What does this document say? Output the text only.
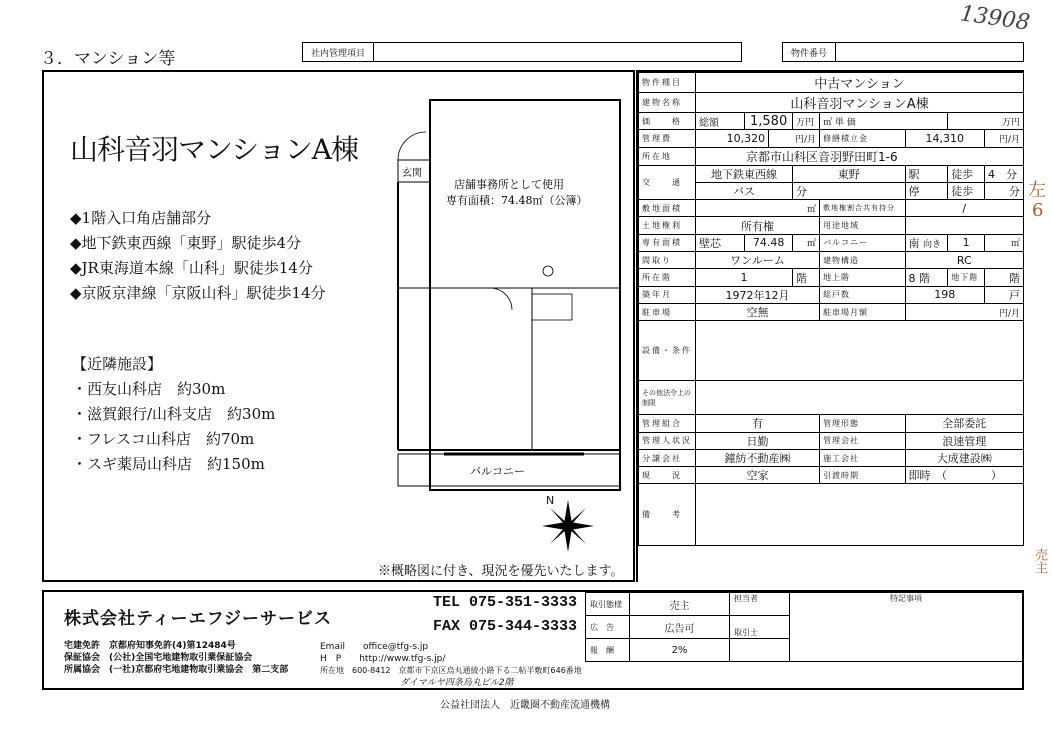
13908
３．マンション等	社内管理項目	物件番号
山科音羽マンションA棟
◆1階入口角店舗部分
◆地下鉄東西線「東野」駅徒歩4分
◆JR東海道本線「山科」駅徒歩14分
◆京阪京津線「京阪山科」駅徒歩14分
【近隣施設】
・西友山科店　約30m
・滋賀銀行/山科支店　約30m
・フレスコ山科店　約70m
・スギ薬局山科店　約150m
玄関
店舗事務所として使用
専有面積：74.48㎡（公簿）
バルコニー
N
※概略図に付き、現況を優先いたします。
物件種目	中古マンション							
建物名称	山科音羽マンションA棟							
価　　格	総額	1,580		万円	㎡ 単 価		万円	
管理費	10,320		円/月		修繕積立金	14,310		円/月
所在地	京都市山科区音羽野田町1-6							
交　　通	地下鉄東西線			東野		駅	徒歩	4　 分
	バス			分		停	徒歩	分
敷地面積	㎡				敷地権割合共有持分	/		
土地権利	所有権				用途地域			
専有面積	壁芯	74.48		㎡	バルコニー	南 向き	1	㎡
間取り	ワンルーム				建物構造	RC		
所在階	1			階	地上階	8 階	地下階	階
築年月	1972年12月				総戸数	198		戸
駐車場	空無				駐車場月額	円/月		
設備・条件								
その他法令上の制限								
管理組合	有				管理形態	全部委託		
管理人状況	日勤				管理会社	浪速管理		
分譲会社	鐘紡不動産㈱				施工会社	大成建設㈱		
現　　況	空家				引渡時期	即時　 （　　　　）		
備　　考								
株式会社ティーエフジーサービス
TEL 075-351-3333
FAX 075-344-3333
宅建免許　京都府知事免許(4)第12484号
保証協会　(公社)全国宅地建物取引業保証協会
所属協会　(一社)京都府宅地建物取引業協会　第二支部
Email　　 office@tfg-s.jp
H　P　　 http://www.tfg-s.jp/
所在地　 600-8412　京都市下京区烏丸通綾小路下る二帖半敷町646番地
ダイマルヤ四条烏丸ビル2階
取引態様	売主	担当者	特記事項
広　告	広告可	取引士	
報　酬	2%		
公益社団法人　近畿圏不動産流通機構
左
6
売主
